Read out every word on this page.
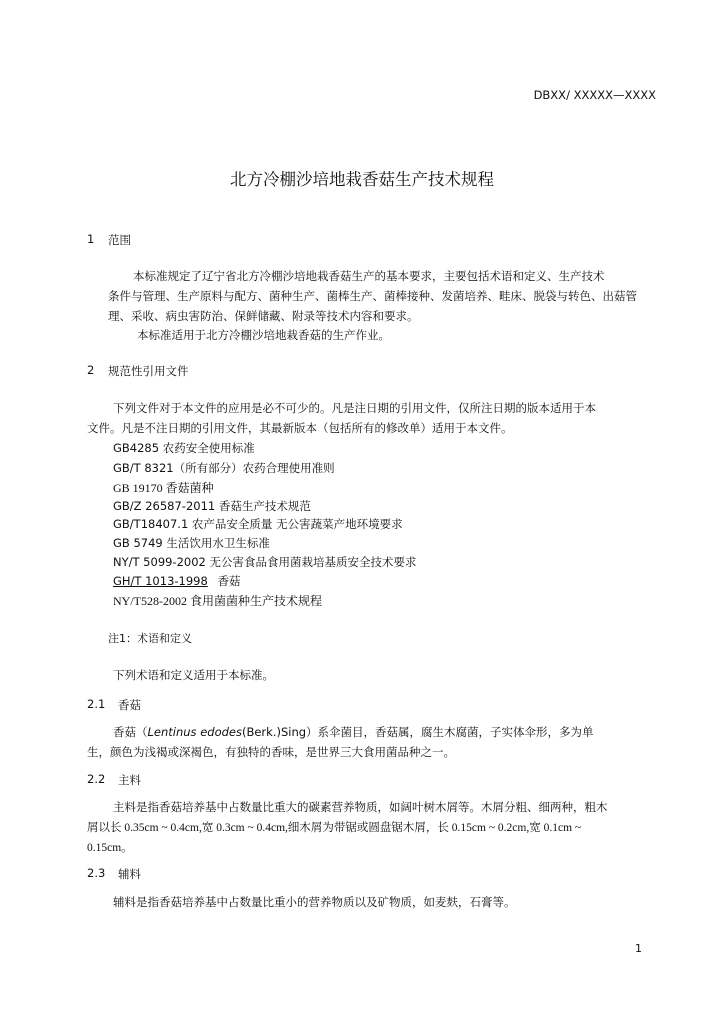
DBXX/ XXXXX—XXXX
北方冷棚沙培地栽香菇生产技术规程
1 范围
本标准规定了辽宁省北方冷棚沙培地栽香菇生产的基本要求，主要包括术语和定义、生产技术
条件与管理、生产原料与配方、菌种生产、菌棒生产、菌棒接种、发菌培养、畦床、脱袋与转色、出菇管
理、采收、病虫害防治、保鲜储藏、附录等技术内容和要求。
本标准适用于北方冷棚沙培地栽香菇的生产作业。
2 规范性引用文件
下列文件对于本文件的应用是必不可少的。凡是注日期的引用文件，仅所注日期的版本适用于本
文件。凡是不注日期的引用文件，其最新版本（包括所有的修改单）适用于本文件。
GB4285 农药安全使用标准
GB/T 8321（所有部分）农药合理使用准则
GB 19170 香菇菌种
GB/Z 26587-2011 香菇生产技术规范
GB/T18407.1 农产品安全质量 无公害蔬菜产地环境要求
GB 5749 生活饮用水卫生标准
NY/T 5099-2002 无公害食品食用菌栽培基质安全技术要求
GH/T 1013-1998 香菇
NY/T528-2002 食用菌菌种生产技术规程
注1：术语和定义
下列术语和定义适用于本标准。
2.1 香菇
香菇（Lentinus edodes(Berk.)Sing）系伞菌目，香菇属，腐生木腐菌，子实体伞形，多为单
生，颜色为浅褐或深褐色，有独特的香味，是世界三大食用菌品种之一。
2.2 主料
主料是指香菇培养基中占数量比重大的碳素营养物质，如阔叶树木屑等。木屑分粗、细两种，粗木
屑以长 0.35cm ~ 0.4cm,宽 0.3cm ~ 0.4cm,细木屑为带锯或圆盘锯木屑，长 0.15cm ~ 0.2cm,宽 0.1cm ~
0.15cm。
2.3 辅料
辅料是指香菇培养基中占数量比重小的营养物质以及矿物质，如麦麸，石膏等。
1
